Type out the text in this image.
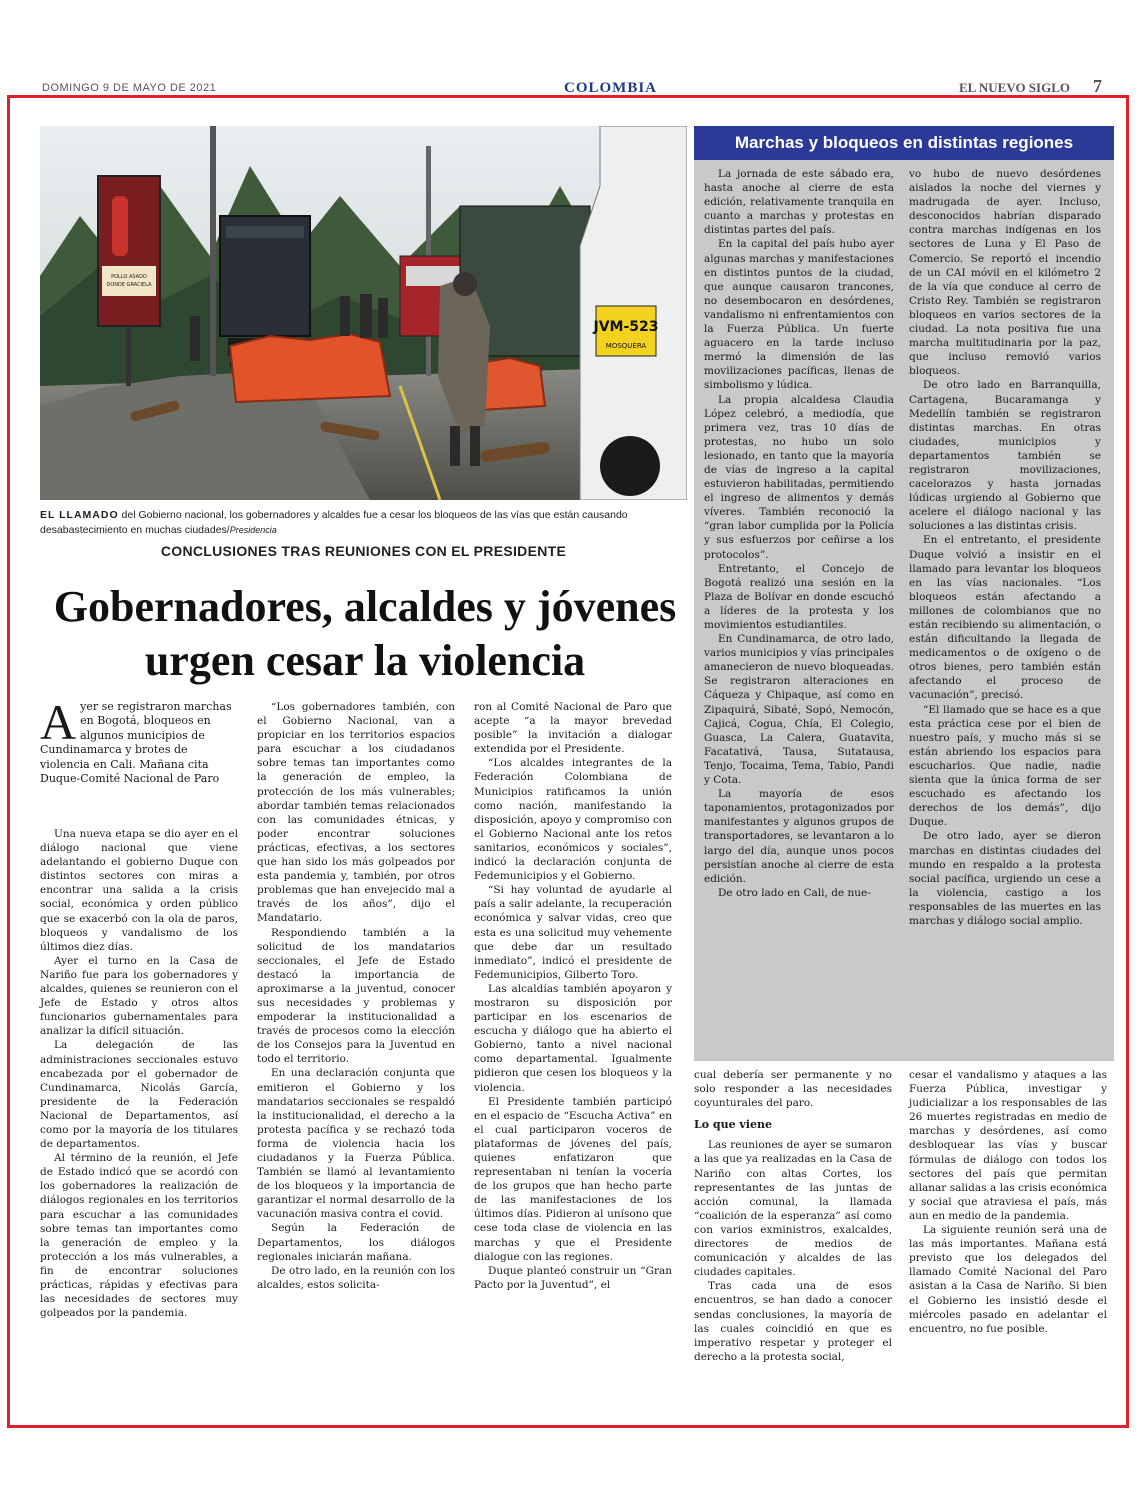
DOMINGO 9 DE MAYO DE 2021	COLOMBIA	EL NUEVO SIGLO 7
POLLO ASADO
DONDE GRACIELA
JVM-523
MOSQUERA
EL LLAMADO del Gobierno nacional, los gobernadores y alcaldes fue a cesar los bloqueos de las vías que están causando desabastecimiento en muchas ciudades/Presidencia
CONCLUSIONES TRAS REUNIONES CON EL PRESIDENTE
Gobernadores, alcaldes y jóvenes urgen cesar la violencia
Ayer se registraron marchas en Bogotá, bloqueos en algunos municipios de Cundinamarca y brotes de violencia en Cali. Mañana cita Duque-Comité Nacional de Paro

Una nueva etapa se dio ayer en el diálogo nacional que viene adelantando el gobierno Duque con distintos sectores con miras a encontrar una salida a la crisis social, económica y orden público que se exacerbó con la ola de paros, bloqueos y vandalismo de los últimos diez días.

Ayer el turno en la Casa de Nariño fue para los gobernadores y alcaldes, quienes se reunieron con el Jefe de Estado y otros altos funcionarios gubernamentales para analizar la difícil situación.

La delegación de las administraciones seccionales estuvo encabezada por el gobernador de Cundinamarca, Nicolás García, presidente de la Federación Nacional de Departamentos, así como por la mayoría de los titulares de departamentos.

Al término de la reunión, el Jefe de Estado indicó que se acordó con los gobernadores la realización de diálogos regionales en los territorios para escuchar a las comunidades sobre temas tan importantes como la generación de empleo y la protección a los más vulnerables, a fin de encontrar soluciones prácticas, rápidas y efectivas para las necesidades de sectores muy golpeados por la pandemia.

“Los gobernadores también, con el Gobierno Nacional, van a propiciar en los territorios espacios para escuchar a los ciudadanos sobre temas tan importantes como la generación de empleo, la protección de los más vulnerables; abordar también temas relacionados con las comunidades étnicas, y poder encontrar soluciones prácticas, efectivas, a los sectores que han sido los más golpeados por esta pandemia y, también, por otros problemas que han envejecido mal a través de los años”, dijo el Mandatario.

Respondiendo también a la solicitud de los mandatarios seccionales, el Jefe de Estado destacó la importancia de aproximarse a la juventud, conocer sus necesidades y problemas y empoderar la institucionalidad a través de procesos como la elección de los Consejos para la Juventud en todo el territorio.

En una declaración conjunta que emitieron el Gobierno y los mandatarios seccionales se respaldó la institucionalidad, el derecho a la protesta pacífica y se rechazó toda forma de violencia hacia los ciudadanos y la Fuerza Pública. También se llamó al levantamiento de los bloqueos y la importancia de garantizar el normal desarrollo de la vacunación masiva contra el covid.

Según la Federación de Departamentos, los diálogos regionales iniciarán mañana.

De otro lado, en la reunión con los alcaldes, estos solicita-

ron al Comité Nacional de Paro que acepte “a la mayor brevedad posible” la invitación a dialogar extendida por el Presidente.

“Los alcaldes integrantes de la Federación Colombiana de Municipios ratificamos la unión como nación, manifestando la disposición, apoyo y compromiso con el Gobierno Nacional ante los retos sanitarios, económicos y sociales”, indicó la declaración conjunta de Fedemunicipios y el Gobierno.

“Si hay voluntad de ayudarle al país a salir adelante, la recuperación económica y salvar vidas, creo que esta es una solicitud muy vehemente que debe dar un resultado inmediato”, indicó el presidente de Fedemunicipios, Gilberto Toro.

Las alcaldías también apoyaron y mostraron su disposición por participar en los escenarios de escucha y diálogo que ha abierto el Gobierno, tanto a nivel nacional como departamental. Igualmente pidieron que cesen los bloqueos y la violencia.

El Presidente también participó en el espacio de “Escucha Activa” en el cual participaron voceros de plataformas de jóvenes del país, quienes enfatizaron que representaban ni tenían la vocería de los grupos que han hecho parte de las manifestaciones de los últimos días. Pidieron al unísono que cese toda clase de violencia en las marchas y que el Presidente dialogue con las regiones.

Duque planteó construir un “Gran Pacto por la Juventud”, el

Marchas y bloqueos en distintas regiones

La jornada de este sábado era, hasta anoche al cierre de esta edición, relativamente tranquila en cuanto a marchas y protestas en distintas partes del país.

En la capital del país hubo ayer algunas marchas y manifestaciones en distintos puntos de la ciudad, que aunque causaron trancones, no desembocaron en desórdenes, vandalismo ni enfrentamientos con la Fuerza Pública. Un fuerte aguacero en la tarde incluso mermó la dimensión de las movilizaciones pacíficas, llenas de simbolismo y lúdica.

La propia alcaldesa Claudia López celebró, a mediodía, que primera vez, tras 10 días de protestas, no hubo un solo lesionado, en tanto que la mayoría de vías de ingreso a la capital estuvieron habilitadas, permitiendo el ingreso de alimentos y demás víveres. También reconoció la “gran labor cumplida por la Policía y sus esfuerzos por ceñirse a los protocolos”.

Entretanto, el Concejo de Bogotá realizó una sesión en la Plaza de Bolívar en donde escuchó a líderes de la protesta y los movimientos estudiantiles.

En Cundinamarca, de otro lado, varios municipios y vías principales amanecieron de nuevo bloqueadas. Se registraron alteraciones en Cáqueza y Chipaque, así como en Zipaquirá, Sibaté, Sopó, Nemocón, Cajicá, Cogua, Chía, El Colegio, Guasca, La Calera, Guatavita, Facatativá, Tausa, Sutatausa, Tenjo, Tocaima, Tema, Tabio, Pandi y Cota.

La mayoría de esos taponamientos, protagonizados por manifestantes y algunos grupos de transportadores, se levantaron a lo largo del día, aunque unos pocos persistían anoche al cierre de esta edición.

De otro lado en Cali, de nue-

vo hubo de nuevo desórdenes aislados la noche del viernes y madrugada de ayer. Incluso, desconocidos habrían disparado contra marchas indígenas en los sectores de Luna y El Paso de Comercio. Se reportó el incendio de un CAI móvil en el kilómetro 2 de la vía que conduce al cerro de Cristo Rey. También se registraron bloqueos en varios sectores de la ciudad. La nota positiva fue una marcha multitudinaria por la paz, que incluso removió varios bloqueos.

De otro lado en Barranquilla, Cartagena, Bucaramanga y Medellín también se registraron distintas marchas. En otras ciudades, municipios y departamentos también se registraron movilizaciones, cacelorazos y hasta jornadas lúdicas urgiendo al Gobierno que acelere el diálogo nacional y las soluciones a las distintas crisis.

En el entretanto, el presidente Duque volvió a insistir en el llamado para levantar los bloqueos en las vías nacionales. “Los bloqueos están afectando a millones de colombianos que no están recibiendo su alimentación, o están dificultando la llegada de medicamentos o de oxígeno o de otros bienes, pero también están afectando el proceso de vacunación”, precisó.

“El llamado que se hace es a que esta práctica cese por el bien de nuestro país, y mucho más si se están abriendo los espacios para escucharlos. Que nadie, nadie sienta que la única forma de ser escuchado es afectando los derechos de los demás”, dijo Duque.

De otro lado, ayer se dieron marchas en distintas ciudades del mundo en respaldo a la protesta social pacífica, urgiendo un cese a la violencia, castigo a los responsables de las muertes en las marchas y diálogo social amplio.

cual debería ser permanente y no solo responder a las necesidades coyunturales del paro.

Lo que viene

Las reuniones de ayer se sumaron a las que ya realizadas en la Casa de Nariño con altas Cortes, los representantes de las juntas de acción comunal, la llamada “coalición de la esperanza” así como con varios exministros, exalcaldes, directores de medios de comunicación y alcaldes de las ciudades capitales.

Tras cada una de esos encuentros, se han dado a conocer sendas conclusiones, la mayoría de las cuales coincidió en que es imperativo respetar y proteger el derecho a la protesta social,

cesar el vandalismo y ataques a las Fuerza Pública, investigar y judicializar a los responsables de las 26 muertes registradas en medio de marchas y desórdenes, así como desbloquear las vías y buscar fórmulas de diálogo con todos los sectores del país que permitan allanar salidas a las crisis económica y social que atraviesa el país, más aun en medio de la pandemia.

La siguiente reunión será una de las más importantes. Mañana está previsto que los delegados del llamado Comité Nacional del Paro asistan a la Casa de Nariño. Si bien el Gobierno les insistió desde el miércoles pasado en adelantar el encuentro, no fue posible.
